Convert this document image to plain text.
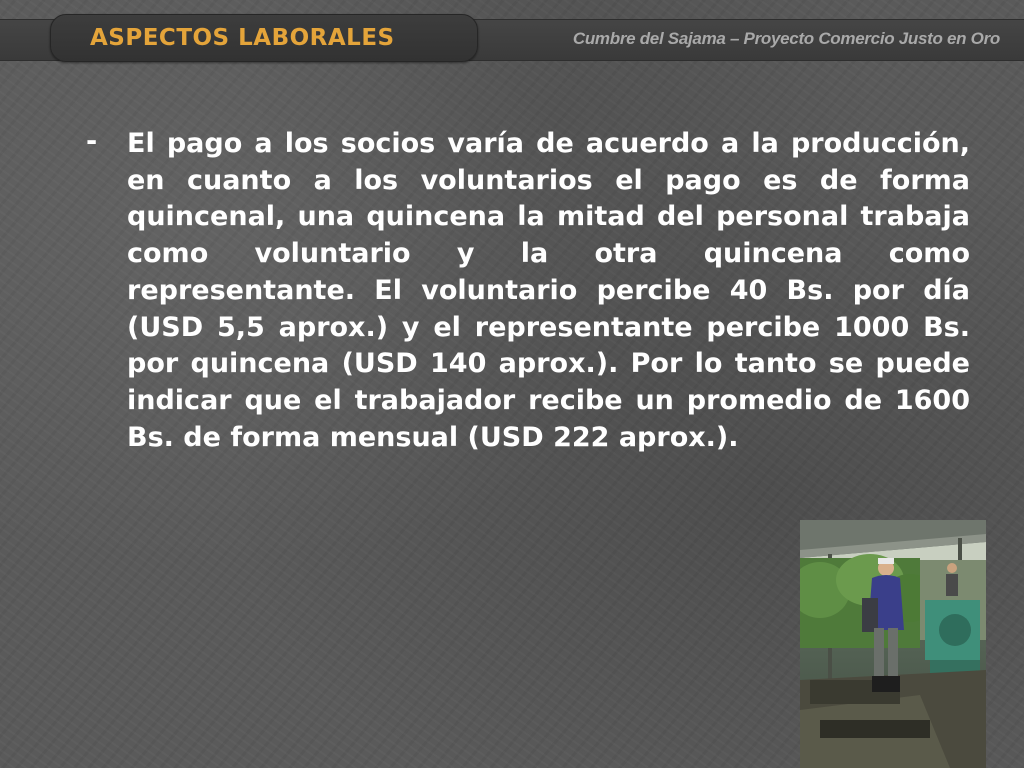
ASPECTOS LABORALES	Cumbre del Sajama – Proyecto Comercio Justo en Oro
- El pago a los socios varía de acuerdo a la producción, en cuanto a los voluntarios el pago es de forma quincenal, una quincena la mitad del personal trabaja como voluntario y la otra quincena como representante. El voluntario percibe 40 Bs. por día (USD 5,5 aprox.) y el representante percibe 1000 Bs. por quincena (USD 140 aprox.). Por lo tanto se puede indicar que el trabajador recibe un promedio de 1600 Bs. de forma mensual (USD 222 aprox.).
